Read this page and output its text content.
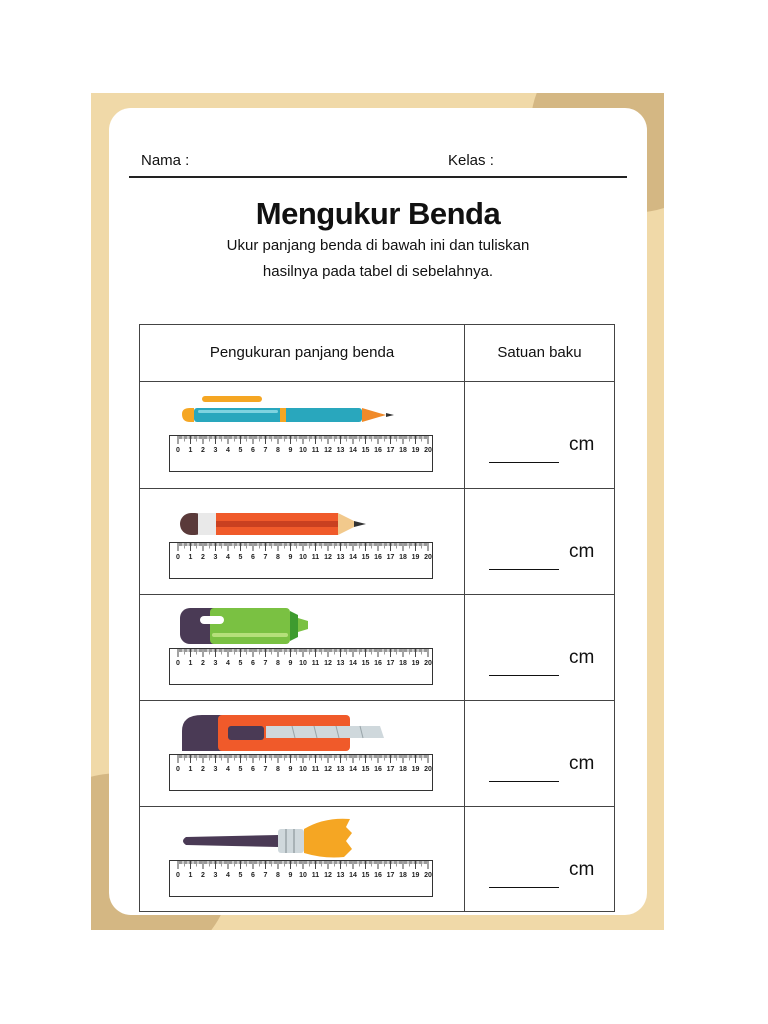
Nama :	Kelas :
Mengukur Benda
Ukur panjang benda di bawah ini dan tuliskan
hasilnya pada tabel di sebelahnya.
Pengukuran panjang benda	Satuan baku
0 1 2 3 4 5 6 7 8 9 10 11 12 13 14 15 16 17 18 19 20	cm
0 1 2 3 4 5 6 7 8 9 10 11 12 13 14 15 16 17 18 19 20	cm
0 1 2 3 4 5 6 7 8 9 10 11 12 13 14 15 16 17 18 19 20	cm
0 1 2 3 4 5 6 7 8 9 10 11 12 13 14 15 16 17 18 19 20	cm
0 1 2 3 4 5 6 7 8 9 10 11 12 13 14 15 16 17 18 19 20	cm
